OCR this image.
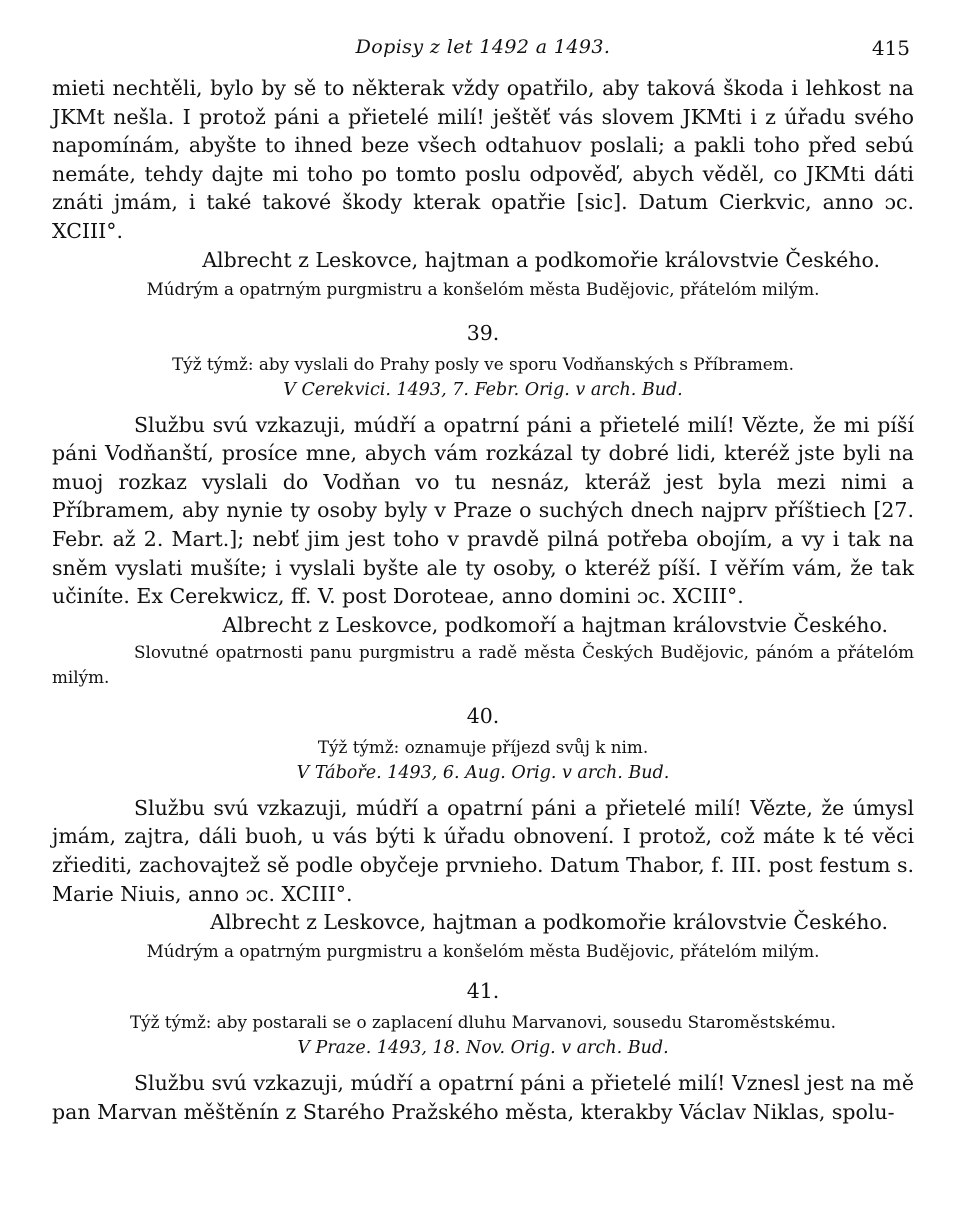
Dopisy z let 1492 a 1493.	415

mieti nechtěli, bylo by sě to některak vždy opatřilo, aby taková škoda i lehkost na JKMt nešla. I protož páni a přietelé milí! ještěť vás slovem JKMti i z úřadu svého napomínám, abyšte to ihned beze všech odtahuov poslali; a pakli toho před sebú nemáte, tehdy dajte mi toho po tomto poslu odpověď, abych věděl, co JKMti dáti znáti jmám, i také takové škody kterak opatřie [sic]. Datum Cierkvic, anno ɔc. XCIII°.

Albrecht z Leskovce, hajtman a podkomořie královstvie Českého.

Múdrým a opatrným purgmistru a konšelóm města Budějovic, přátelóm milým.

39.

Týž týmž: aby vyslali do Prahy posly ve sporu Vodňanských s Příbramem.

V Cerekvici. 1493, 7. Febr. Orig. v arch. Bud.

Službu svú vzkazuji, múdří a opatrní páni a přietelé milí! Vězte, že mi píší páni Vodňanští, prosíce mne, abych vám rozkázal ty dobré lidi, kteréž jste byli na muoj rozkaz vyslali do Vodňan vo tu nesnáz, kteráž jest byla mezi nimi a Příbramem, aby nynie ty osoby byly v Praze o suchých dnech najprv příštiech [27. Febr. až 2. Mart.]; nebť jim jest toho v pravdě pilná potřeba obojím, a vy i tak na sněm vyslati mušíte; i vyslali byšte ale ty osoby, o kteréž píší. I věřím vám, že tak učiníte. Ex Cerekwicz, ff. V. post Doroteae, anno domini ɔc. XCIII°.

Albrecht z Leskovce, podkomoří a hajtman královstvie Českého.

Slovutné opatrnosti panu purgmistru a radě města Českých Budějovic, pánóm a přátelóm milým.

40.

Týž týmž: oznamuje příjezd svůj k nim.

V Táboře. 1493, 6. Aug. Orig. v arch. Bud.

Službu svú vzkazuji, múdří a opatrní páni a přietelé milí! Vězte, že úmysl jmám, zajtra, dáli buoh, u vás býti k úřadu obnovení. I protož, což máte k té věci zřiediti, zachovajtež sě podle obyčeje prvnieho. Datum Thabor, f. III. post festum s. Marie Niuis, anno ɔc. XCIII°.

Albrecht z Leskovce, hajtman a podkomořie královstvie Českého.

Múdrým a opatrným purgmistru a konšelóm města Budějovic, přátelóm milým.

41.

Týž týmž: aby postarali se o zaplacení dluhu Marvanovi, sousedu Staroměstskému.

V Praze. 1493, 18. Nov. Orig. v arch. Bud.

Službu svú vzkazuji, múdří a opatrní páni a přietelé milí! Vznesl jest na mě pan Marvan měštěnín z Starého Pražského města, kterakby Václav Niklas, spolu-
